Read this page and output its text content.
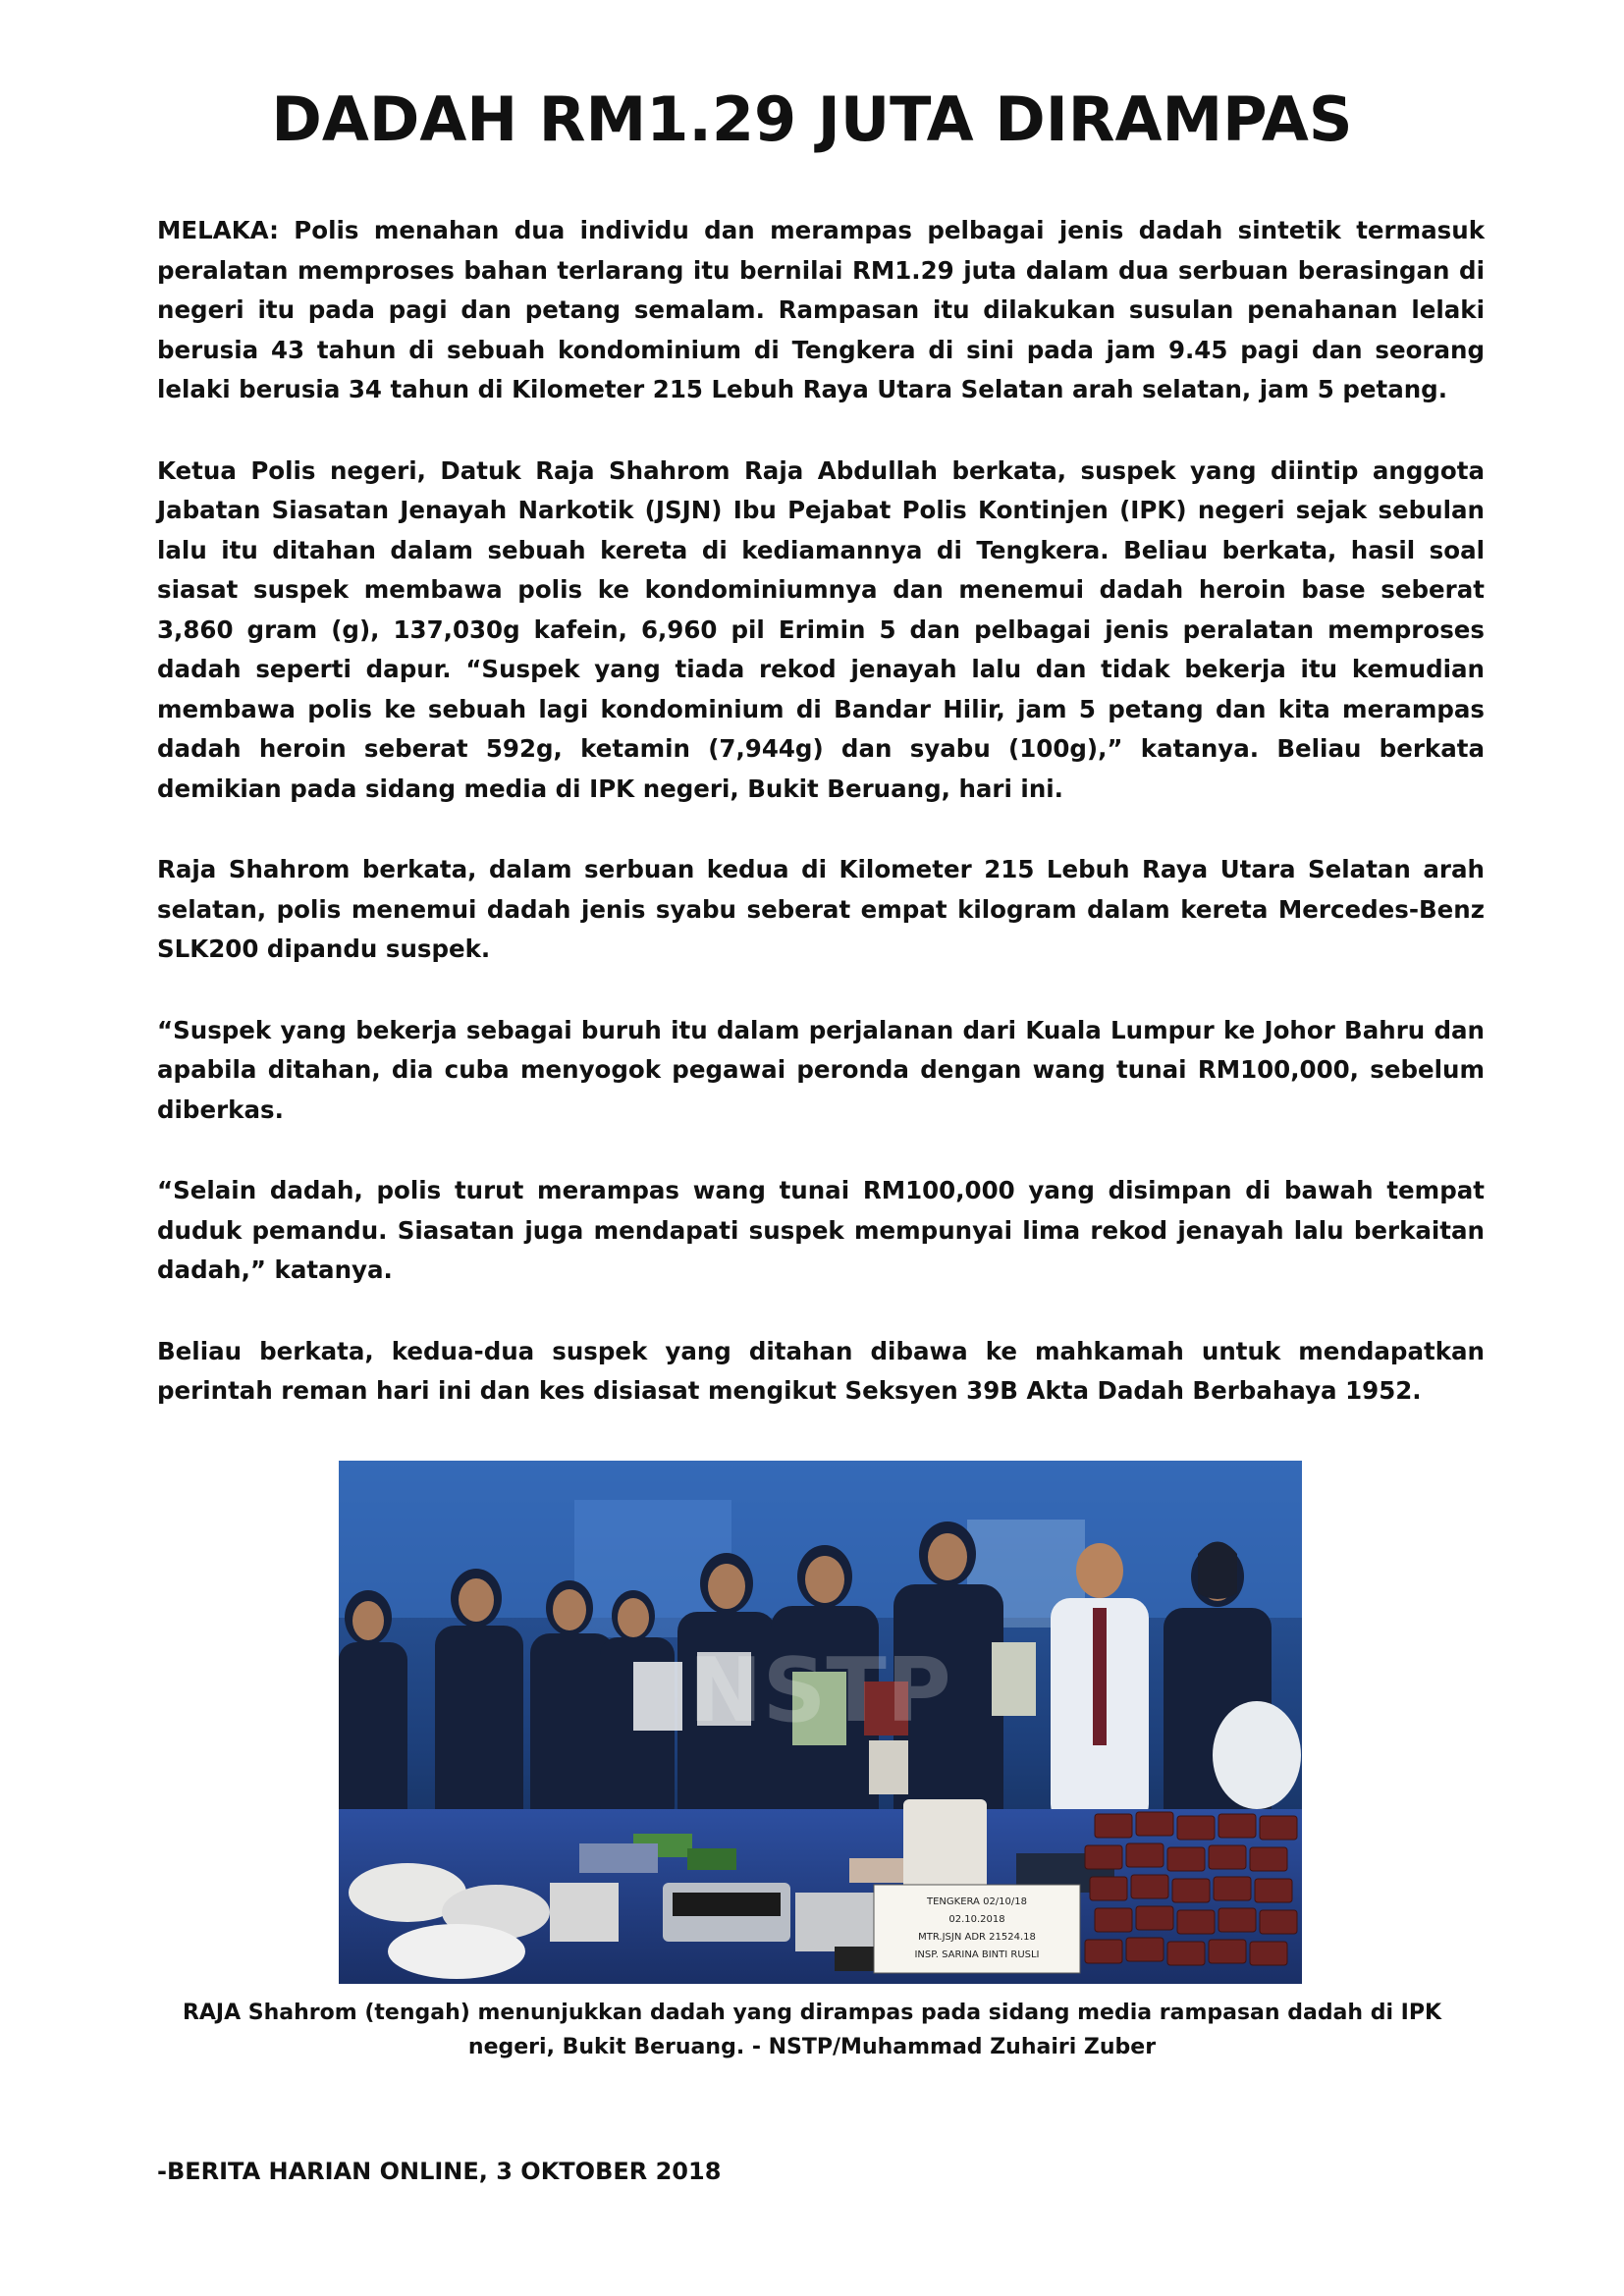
DADAH RM1.29 JUTA DIRAMPAS

MELAKA: Polis menahan dua individu dan merampas pelbagai jenis dadah sintetik termasuk peralatan memproses bahan terlarang itu bernilai RM1.29 juta dalam dua serbuan berasingan di negeri itu pada pagi dan petang semalam. Rampasan itu dilakukan susulan penahanan lelaki berusia 43 tahun di sebuah kondominium di Tengkera di sini pada jam 9.45 pagi dan seorang lelaki berusia 34 tahun di Kilometer 215 Lebuh Raya Utara Selatan arah selatan, jam 5 petang.

Ketua Polis negeri, Datuk Raja Shahrom Raja Abdullah berkata, suspek yang diintip anggota Jabatan Siasatan Jenayah Narkotik (JSJN) Ibu Pejabat Polis Kontinjen (IPK) negeri sejak sebulan lalu itu ditahan dalam sebuah kereta di kediamannya di Tengkera. Beliau berkata, hasil soal siasat suspek membawa polis ke kondominiumnya dan menemui dadah heroin base seberat 3,860 gram (g), 137,030g kafein, 6,960 pil Erimin 5 dan pelbagai jenis peralatan memproses dadah seperti dapur. “Suspek yang tiada rekod jenayah lalu dan tidak bekerja itu kemudian membawa polis ke sebuah lagi kondominium di Bandar Hilir, jam 5 petang dan kita merampas dadah heroin seberat 592g, ketamin (7,944g) dan syabu (100g),” katanya. Beliau berkata demikian pada sidang media di IPK negeri, Bukit Beruang, hari ini.

Raja Shahrom berkata, dalam serbuan kedua di Kilometer 215 Lebuh Raya Utara Selatan arah selatan, polis menemui dadah jenis syabu seberat empat kilogram dalam kereta Mercedes-Benz SLK200 dipandu suspek.

“Suspek yang bekerja sebagai buruh itu dalam perjalanan dari Kuala Lumpur ke Johor Bahru dan apabila ditahan, dia cuba menyogok pegawai peronda dengan wang tunai RM100,000, sebelum diberkas.

“Selain dadah, polis turut merampas wang tunai RM100,000 yang disimpan di bawah tempat duduk pemandu. Siasatan juga mendapati suspek mempunyai lima rekod jenayah lalu berkaitan dadah,” katanya.

Beliau berkata, kedua-dua suspek yang ditahan dibawa ke mahkamah untuk mendapatkan perintah reman hari ini dan kes disiasat mengikut Seksyen 39B Akta Dadah Berbahaya 1952.

TENGKERA 02/10/18
02.10.2018
MTR.JSJN ADR 21524.18
INSP. SARINA BINTI RUSLI
NSTP
RAJA Shahrom (tengah) menunjukkan dadah yang dirampas pada sidang media rampasan dadah di IPK negeri, Bukit Beruang. - NSTP/Muhammad Zuhairi Zuber
-BERITA HARIAN ONLINE, 3 OKTOBER 2018
